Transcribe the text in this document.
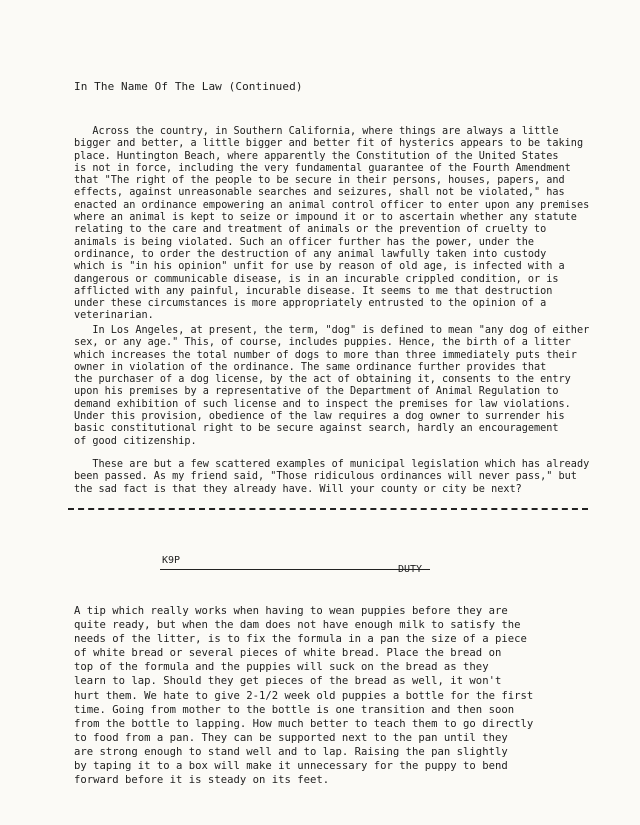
In The Name Of The Law (Continued)
Across the country, in Southern California, where things are always a little
bigger and better, a little bigger and better fit of hysterics appears to be taking
place. Huntington Beach, where apparently the Constitution of the United States
is not in force, including the very fundamental guarantee of the Fourth Amendment
that "The right of the people to be secure in their persons, houses, papers, and
effects, against unreasonable searches and seizures, shall not be violated," has
enacted an ordinance empowering an animal control officer to enter upon any premises
where an animal is kept to seize or impound it or to ascertain whether any statute
relating to the care and treatment of animals or the prevention of cruelty to
animals is being violated. Such an officer further has the power, under the
ordinance, to order the destruction of any animal lawfully taken into custody
which is "in his opinion" unfit for use by reason of old age, is infected with a
dangerous or communicable disease, is in an incurable crippled condition, or is
afflicted with any painful, incurable disease. It seems to me that destruction
under these circumstances is more appropriately entrusted to the opinion of a
veterinarian.
In Los Angeles, at present, the term, "dog" is defined to mean "any dog of either
sex, or any age." This, of course, includes puppies. Hence, the birth of a litter
which increases the total number of dogs to more than three immediately puts their
owner in violation of the ordinance. The same ordinance further provides that
the purchaser of a dog license, by the act of obtaining it, consents to the entry
upon his premises by a representative of the Department of Animal Regulation to
demand exhibition of such license and to inspect the premises for law violations.
Under this provision, obedience of the law requires a dog owner to surrender his
basic constitutional right to be secure against search, hardly an encouragement
of good citizenship.
These are but a few scattered examples of municipal legislation which has already
been passed. As my friend said, "Those ridiculous ordinances will never pass," but
the sad fact is that they already have. Will your county or city be next?
K9P
DUTY
A tip which really works when having to wean puppies before they are
quite ready, but when the dam does not have enough milk to satisfy the
needs of the litter, is to fix the formula in a pan the size of a piece
of white bread or several pieces of white bread. Place the bread on
top of the formula and the puppies will suck on the bread as they
learn to lap. Should they get pieces of the bread as well, it won't
hurt them. We hate to give 2-1/2 week old puppies a bottle for the first
time. Going from mother to the bottle is one transition and then soon
from the bottle to lapping. How much better to teach them to go directly
to food from a pan. They can be supported next to the pan until they
are strong enough to stand well and to lap. Raising the pan slightly
by taping it to a box will make it unnecessary for the puppy to bend
forward before it is steady on its feet.
